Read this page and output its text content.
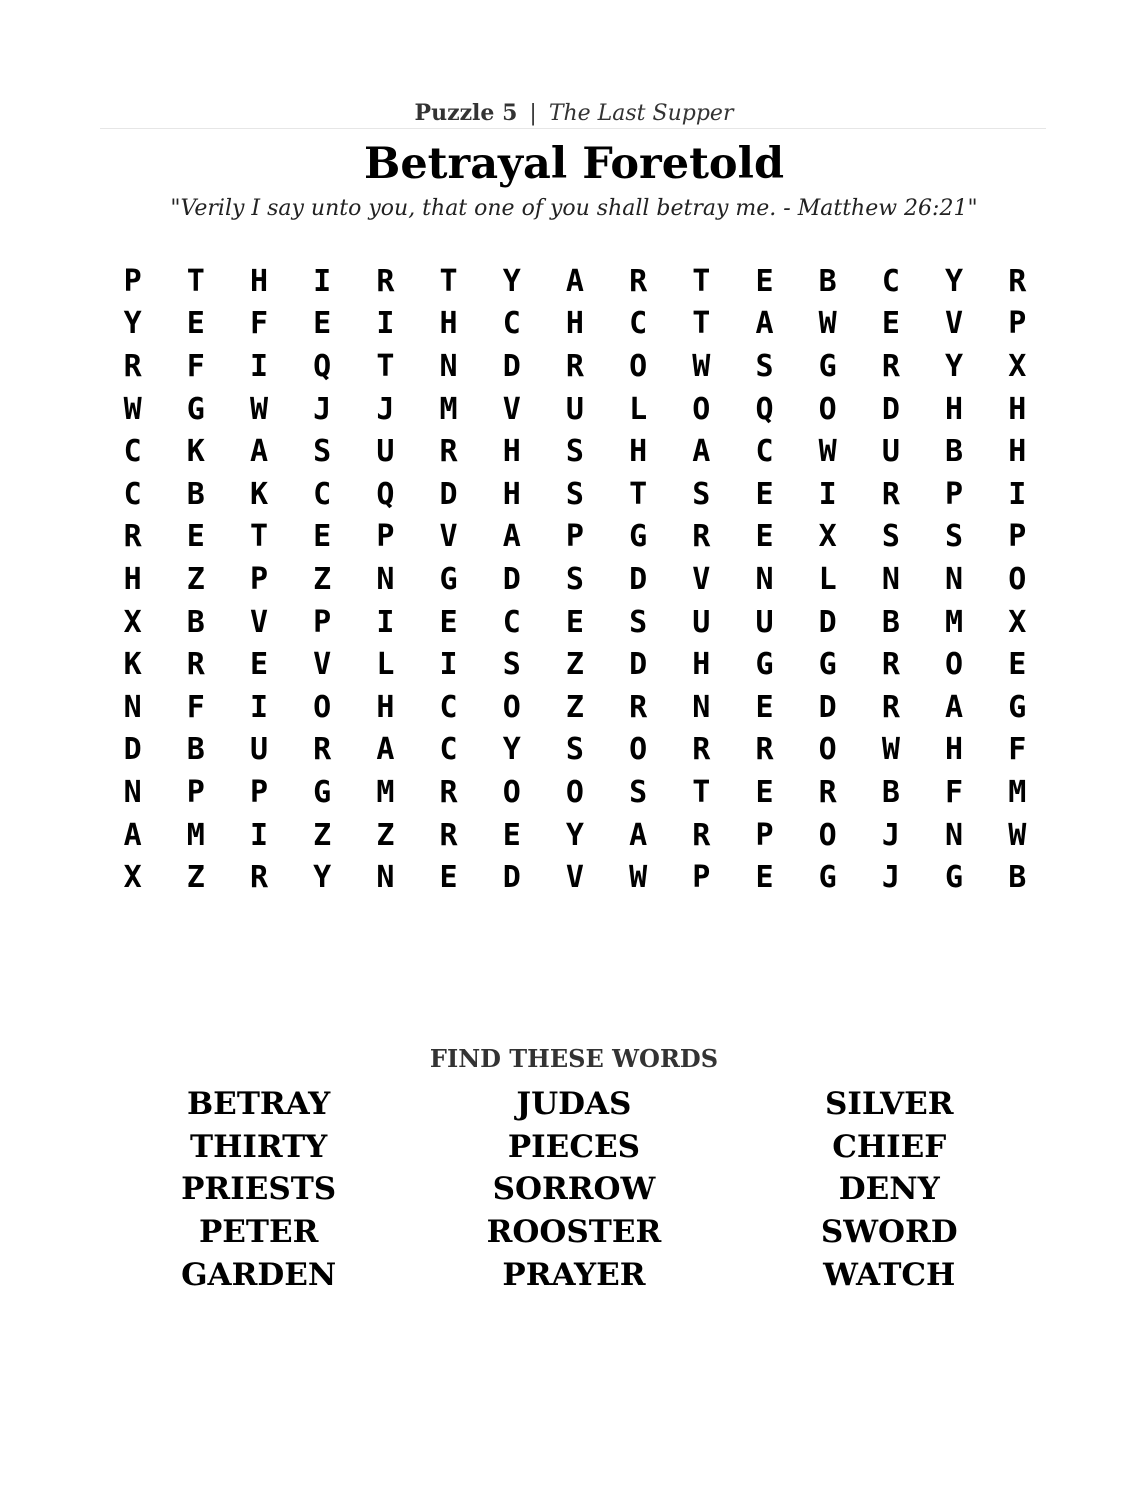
Puzzle 5 | The Last Supper
Betrayal Foretold
"Verily I say unto you, that one of you shall betray me. - Matthew 26:21"
P	T	H	I	R	T	Y	A	R	T	E	B	C	Y	R
Y	E	F	E	I	H	C	H	C	T	A	W	E	V	P
R	F	I	Q	T	N	D	R	O	W	S	G	R	Y	X
W	G	W	J	J	M	V	U	L	O	Q	O	D	H	H
C	K	A	S	U	R	H	S	H	A	C	W	U	B	H
C	B	K	C	Q	D	H	S	T	S	E	I	R	P	I
R	E	T	E	P	V	A	P	G	R	E	X	S	S	P
H	Z	P	Z	N	G	D	S	D	V	N	L	N	N	O
X	B	V	P	I	E	C	E	S	U	U	D	B	M	X
K	R	E	V	L	I	S	Z	D	H	G	G	R	O	E
N	F	I	O	H	C	O	Z	R	N	E	D	R	A	G
D	B	U	R	A	C	Y	S	O	R	R	O	W	H	F
N	P	P	G	M	R	O	O	S	T	E	R	B	F	M
A	M	I	Z	Z	R	E	Y	A	R	P	O	J	N	W
X	Z	R	Y	N	E	D	V	W	P	E	G	J	G	B
FIND THESE WORDS
BETRAY	JUDAS	SILVER
THIRTY	PIECES	CHIEF
PRIESTS	SORROW	DENY
PETER	ROOSTER	SWORD
GARDEN	PRAYER	WATCH
